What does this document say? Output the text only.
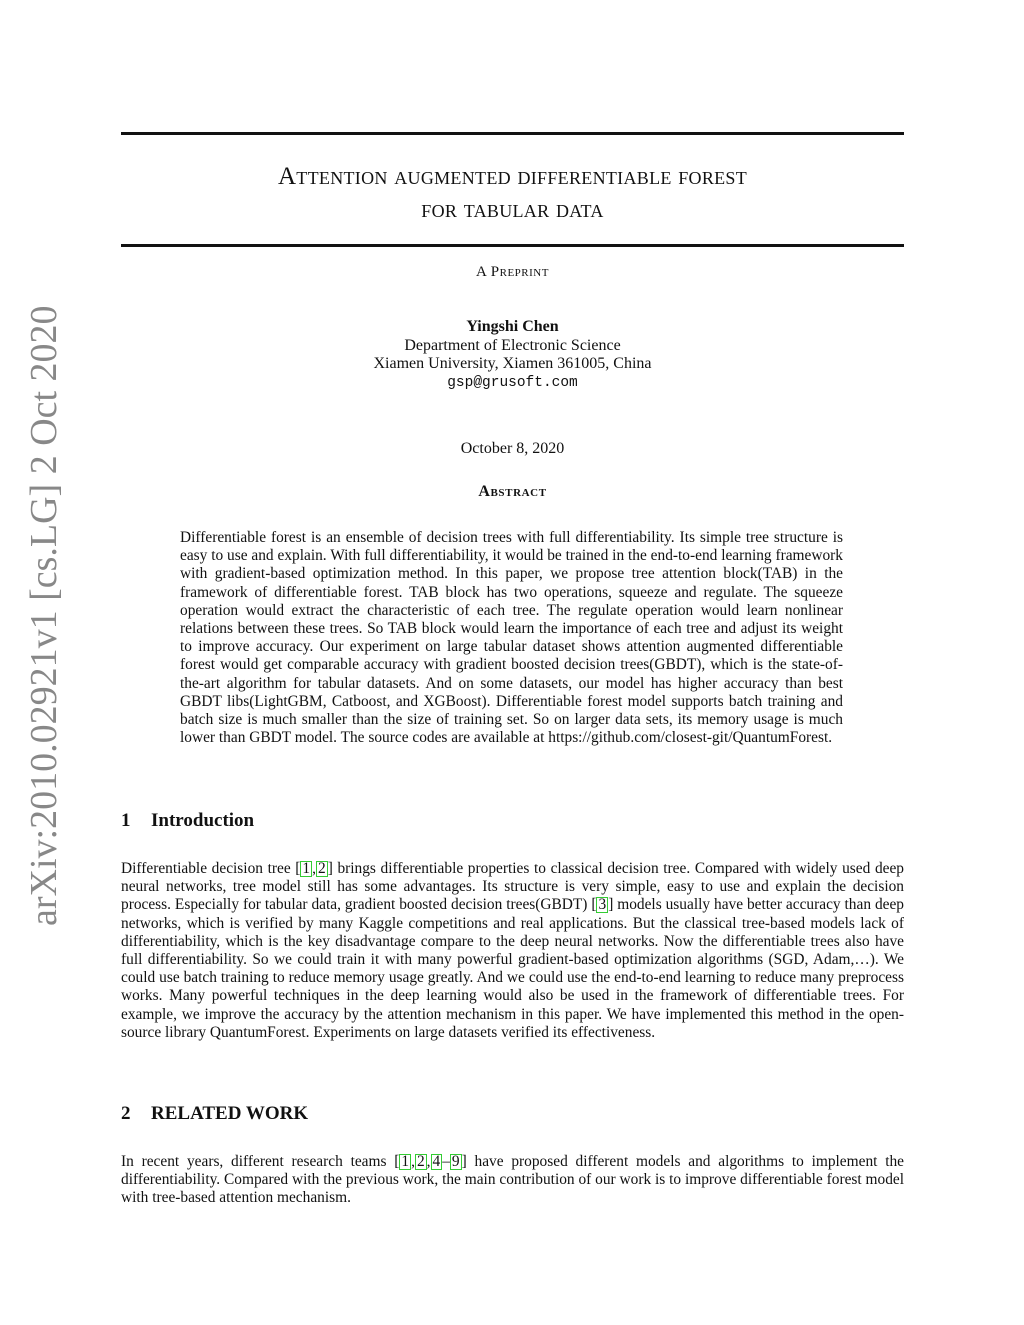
arXiv:2010.02921v1 [cs.LG] 2 Oct 2020
Attention augmented differentiable forest
for tabular data
A Preprint
Yingshi Chen
Department of Electronic Science
Xiamen University, Xiamen 361005, China
gsp@grusoft.com
October 8, 2020
Abstract
Differentiable forest is an ensemble of decision trees with full differentiability. Its simple tree structure is easy to use and explain. With full differentiability, it would be trained in the end-to-end learning framework with gradient-based optimization method. In this paper, we propose tree attention block(TAB) in the framework of differentiable forest. TAB block has two operations, squeeze and regulate. The squeeze operation would extract the characteristic of each tree. The regulate operation would learn nonlinear relations between these trees. So TAB block would learn the importance of each tree and adjust its weight to improve accuracy. Our experiment on large tabular dataset shows attention augmented differentiable forest would get comparable accuracy with gradient boosted decision trees(GBDT), which is the state-of-the-art algorithm for tabular datasets. And on some datasets, our model has higher accuracy than best GBDT libs(LightGBM, Catboost, and XGBoost). Differentiable forest model supports batch training and batch size is much smaller than the size of training set. So on larger data sets, its memory usage is much lower than GBDT model. The source codes are available at https://github.com/closest-git/QuantumForest.
1 Introduction
Differentiable decision tree [ 1 , 2 ] brings differentiable properties to classical decision tree. Compared with widely used deep neural networks, tree model still has some advantages. Its structure is very simple, easy to use and explain the decision process. Especially for tabular data, gradient boosted decision trees(GBDT) [ 3 ] models usually have better accuracy than deep networks, which is verified by many Kaggle competitions and real applications. But the classical tree-based models lack of differentiability, which is the key disadvantage compare to the deep neural networks. Now the differentiable trees also have full differentiability. So we could train it with many powerful gradient-based optimization algorithms (SGD, Adam,…). We could use batch training to reduce memory usage greatly. And we could use the end-to-end learning to reduce many preprocess works. Many powerful techniques in the deep learning would also be used in the framework of differentiable trees. For example, we improve the accuracy by the attention mechanism in this paper. We have implemented this method in the open-source library QuantumForest. Experiments on large datasets verified its effectiveness.
2 RELATED WORK
In recent years, different research teams [ 1 , 2 , 4 – 9 ] have proposed different models and algorithms to implement the differentiability. Compared with the previous work, the main contribution of our work is to improve differentiable forest model with tree-based attention mechanism.
